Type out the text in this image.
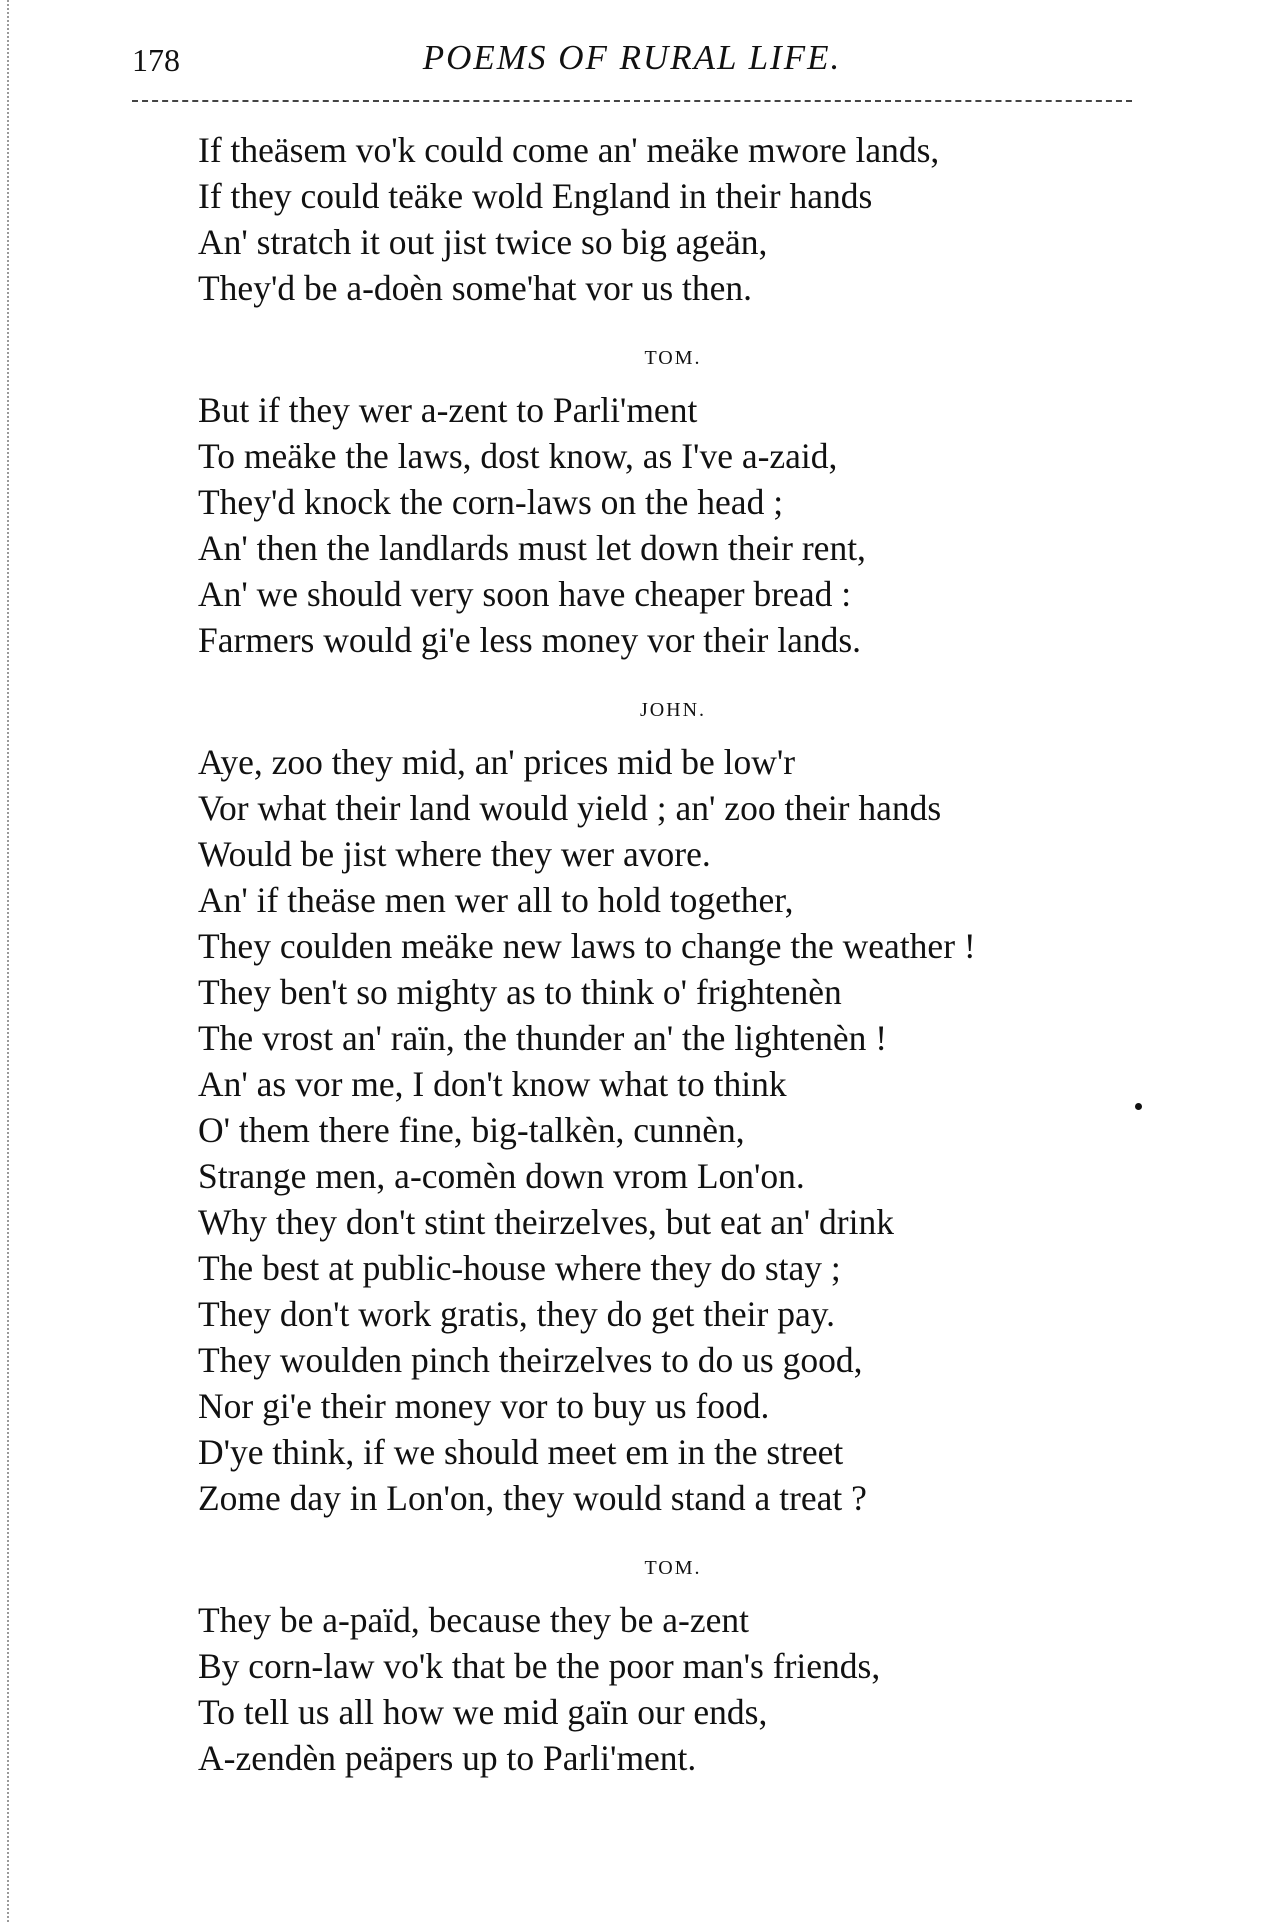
178	POEMS OF RURAL LIFE.
If theäsem vo'k could come an' meäke mwore lands,
If they could teäke wold England in their hands
An' stratch it out jist twice so big ageän,
They'd be a-doèn some'hat vor us then.
TOM.
But if they wer a-zent to Parli'ment
To meäke the laws, dost know, as I've a-zaid,
They'd knock the corn-laws on the head ;
An' then the landlards must let down their rent,
An' we should very soon have cheaper bread :
Farmers would gi'e less money vor their lands.
JOHN.
Aye, zoo they mid, an' prices mid be low'r
Vor what their land would yield ; an' zoo their hands
Would be jist where they wer avore.
An' if theäse men wer all to hold together,
They coulden meäke new laws to change the weather !
They ben't so mighty as to think o' frightenèn
The vrost an' raïn, the thunder an' the lightenèn !
An' as vor me, I don't know what to think
O' them there fine, big-talkèn, cunnèn,
Strange men, a-comèn down vrom Lon'on.
Why they don't stint theirzelves, but eat an' drink
The best at public-house where they do stay ;
They don't work gratis, they do get their pay.
They woulden pinch theirzelves to do us good,
Nor gi'e their money vor to buy us food.
D'ye think, if we should meet em in the street
Zome day in Lon'on, they would stand a treat ?
TOM.
They be a-païd, because they be a-zent
By corn-law vo'k that be the poor man's friends,
To tell us all how we mid gaïn our ends,
A-zendèn peäpers up to Parli'ment.
